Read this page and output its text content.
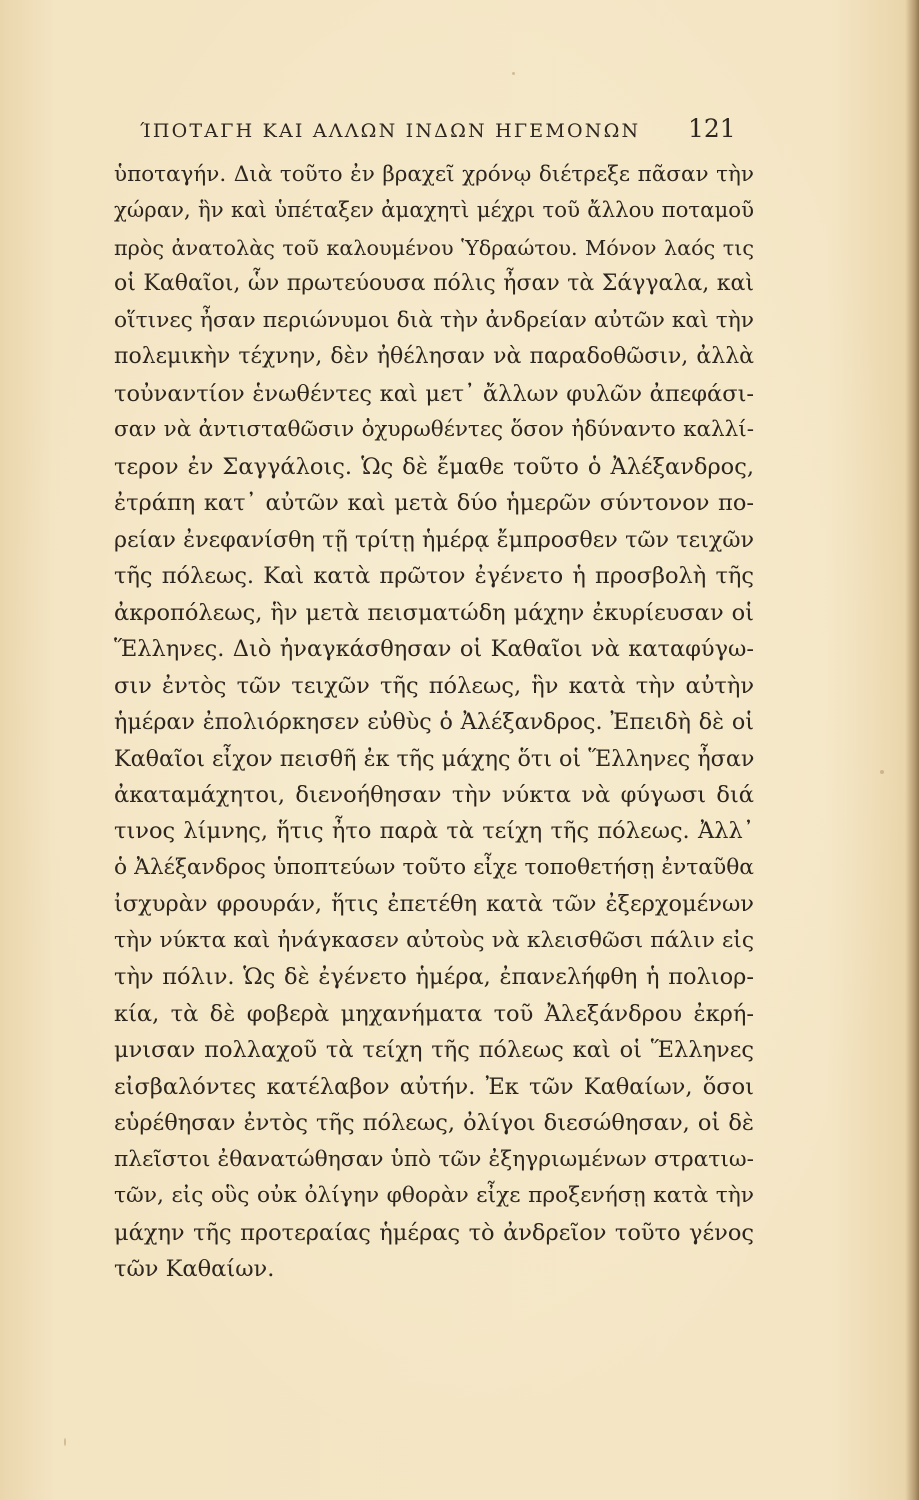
ΊΠΟΤΑΓΗ ΚΑΙ ΑΛΛΩΝ ΙΝΔΩΝ ΗΓΕΜΟΝΩΝ 121
ὑποταγήν. Διὰ τοῦτο ἐν βραχεῖ χρόνῳ διέτρεξε πᾶσαν τὴν
χώραν, ἣν καὶ ὑπέταξεν ἀμαχητὶ μέχρι τοῦ ἄλλου ποταμοῦ
πρὸς ἀνατολὰς τοῦ καλουμένου Ὑδραώτου. Μόνον λαός τις
οἱ Καθαῖοι, ὧν πρωτεύουσα πόλις ἦσαν τὰ Σάγγαλα, καὶ
οἵτινες ἦσαν περιώνυμοι διὰ τὴν ἀνδρείαν αὐτῶν καὶ τὴν
πολεμικὴν τέχνην, δὲν ἠθέλησαν νὰ παραδοθῶσιν, ἀλλὰ
τοὐναντίον ἑνωθέντες καὶ μετ᾽ ἄλλων φυλῶν ἀπεφάσι-
σαν νὰ ἀντισταθῶσιν ὀχυρωθέντες ὅσον ἠδύναντο καλλί-
τερον ἐν Σαγγάλοις. Ὡς δὲ ἔμαθε τοῦτο ὁ Ἀλέξανδρος,
ἐτράπη κατ᾽ αὐτῶν καὶ μετὰ δύο ἡμερῶν σύντονον πο-
ρείαν ἐνεφανίσθη τῇ τρίτῃ ἡμέρᾳ ἔμπροσθεν τῶν τειχῶν
τῆς πόλεως. Καὶ κατὰ πρῶτον ἐγένετο ἡ προσβολὴ τῆς
ἀκροπόλεως, ἣν μετὰ πεισματώδη μάχην ἐκυρίευσαν οἱ
Ἕλληνες. Διὸ ἠναγκάσθησαν οἱ Καθαῖοι νὰ καταφύγω-
σιν ἐντὸς τῶν τειχῶν τῆς πόλεως, ἣν κατὰ τὴν αὐτὴν
ἡμέραν ἐπολιόρκησεν εὐθὺς ὁ Ἀλέξανδρος. Ἐπειδὴ δὲ οἱ
Καθαῖοι εἶχον πεισθῆ ἐκ τῆς μάχης ὅτι οἱ Ἕλληνες ἦσαν
ἀκαταμάχητοι, διενοήθησαν τὴν νύκτα νὰ φύγωσι διά
τινος λίμνης, ἥτις ἦτο παρὰ τὰ τείχη τῆς πόλεως. Ἀλλ᾽
ὁ Ἀλέξανδρος ὑποπτεύων τοῦτο εἶχε τοποθετήσῃ ἐνταῦθα
ἰσχυρὰν φρουράν, ἥτις ἐπετέθη κατὰ τῶν ἐξερχομένων
τὴν νύκτα καὶ ἠνάγκασεν αὐτοὺς νὰ κλεισθῶσι πάλιν εἰς
τὴν πόλιν. Ὡς δὲ ἐγένετο ἡμέρα, ἐπανελήφθη ἡ πολιορ-
κία, τὰ δὲ φοβερὰ μηχανήματα τοῦ Ἀλεξάνδρου ἐκρή-
μνισαν πολλαχοῦ τὰ τείχη τῆς πόλεως καὶ οἱ Ἕλληνες
εἰσβαλόντες κατέλαβον αὐτήν. Ἐκ τῶν Καθαίων, ὅσοι
εὑρέθησαν ἐντὸς τῆς πόλεως, ὀλίγοι διεσώθησαν, οἱ δὲ
πλεῖστοι ἐθανατώθησαν ὑπὸ τῶν ἐξηγριωμένων στρατιω-
τῶν, εἰς οὓς οὐκ ὀλίγην φθορὰν εἶχε προξενήσῃ κατὰ τὴν
μάχην τῆς προτεραίας ἡμέρας τὸ ἀνδρεῖον τοῦτο γένος
τῶν Καθαίων.
